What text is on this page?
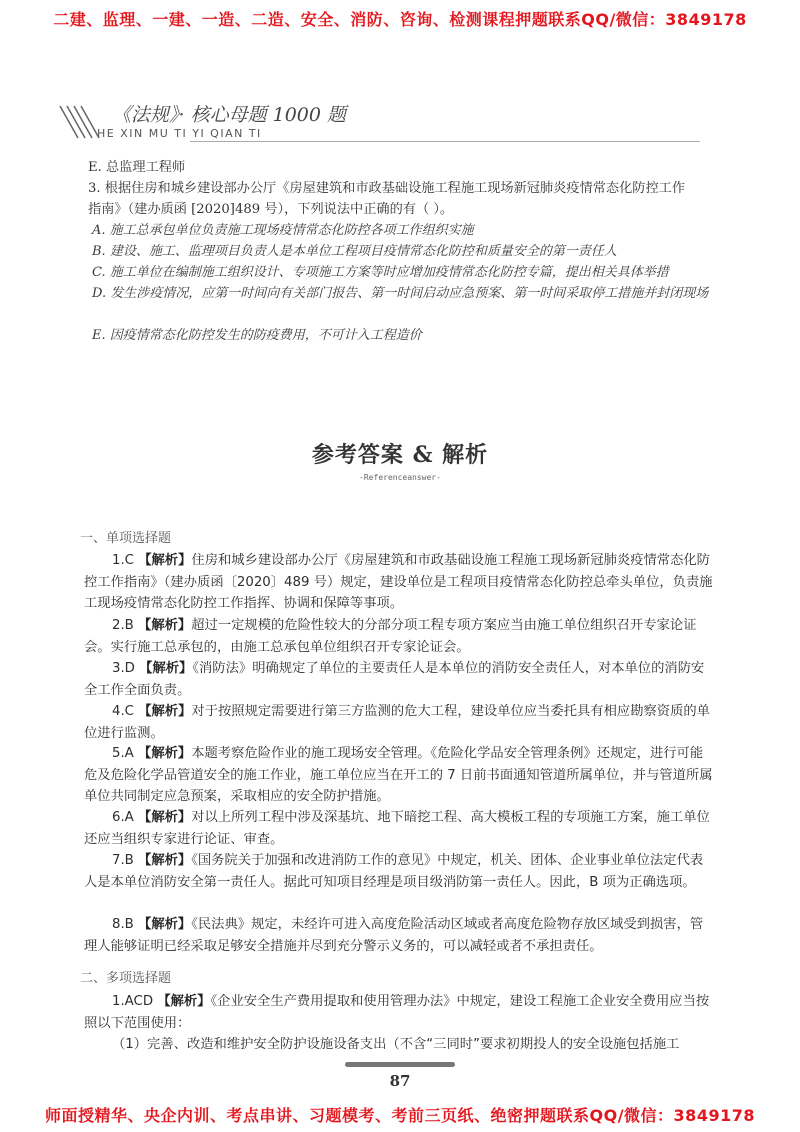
二建、监理、一建、一造、二造、安全、消防、咨询、检测课程押题联系QQ/微信：3849178
《法规》· 核心母题 1000 题
HE XIN MU TI YI QIAN TI
E. 总监理工程师
3. 根据住房和城乡建设部办公厅《房屋建筑和市政基础设施工程施工现场新冠肺炎疫情常态化防控工作
指南》（建办质函 [2020]489 号），下列说法中正确的有（ ）。
A. 施工总承包单位负责施工现场疫情常态化防控各项工作组织实施
B. 建设、施工、监理项目负责人是本单位工程项目疫情常态化防控和质量安全的第一责任人
C. 施工单位在编制施工组织设计、专项施工方案等时应增加疫情常态化防控专篇，提出相关具体举措
D. 发生涉疫情况，应第一时间向有关部门报告、第一时间启动应急预案、第一时间采取停工措施并封闭现场
E. 因疫情常态化防控发生的防疫费用，不可计入工程造价
参考答案 & 解析
-Referenceanswer-
一、单项选择题
1.C 【解析】住房和城乡建设部办公厅《房屋建筑和市政基础设施工程施工现场新冠肺炎疫情常态化防控工作指南》（建办质函〔2020〕489 号）规定，建设单位是工程项目疫情常态化防控总牵头单位，负责施工现场疫情常态化防控工作指挥、协调和保障等事项。
2.B 【解析】超过一定规模的危险性较大的分部分项工程专项方案应当由施工单位组织召开专家论证会。实行施工总承包的，由施工总承包单位组织召开专家论证会。
3.D 【解析】《消防法》明确规定了单位的主要责任人是本单位的消防安全责任人，对本单位的消防安全工作全面负责。
4.C 【解析】对于按照规定需要进行第三方监测的危大工程，建设单位应当委托具有相应勘察资质的单位进行监测。
5.A 【解析】本题考察危险作业的施工现场安全管理。《危险化学品安全管理条例》还规定，进行可能危及危险化学品管道安全的施工作业，施工单位应当在开工的 7 日前书面通知管道所属单位，并与管道所属单位共同制定应急预案，采取相应的安全防护措施。
6.A 【解析】对以上所列工程中涉及深基坑、地下暗挖工程、高大模板工程的专项施工方案，施工单位还应当组织专家进行论证、审查。
7.B 【解析】《国务院关于加强和改进消防工作的意见》中规定，机关、团体、企业事业单位法定代表人是本单位消防安全第一责任人。据此可知项目经理是项目级消防第一责任人。因此，B 项为正确选项。
8.B 【解析】《民法典》规定，未经许可进入高度危险活动区域或者高度危险物存放区域受到损害，管理人能够证明已经采取足够安全措施并尽到充分警示义务的，可以减轻或者不承担责任。
二、多项选择题
1.ACD 【解析】《企业安全生产费用提取和使用管理办法》中规定，建设工程施工企业安全费用应当按照以下范围使用：
（1）完善、改造和维护安全防护设施设备支出（不含“三同时”要求初期投人的安全设施包括施工
87
师面授精华、央企内训、考点串讲、习题模考、考前三页纸、绝密押题联系QQ/微信：3849178
